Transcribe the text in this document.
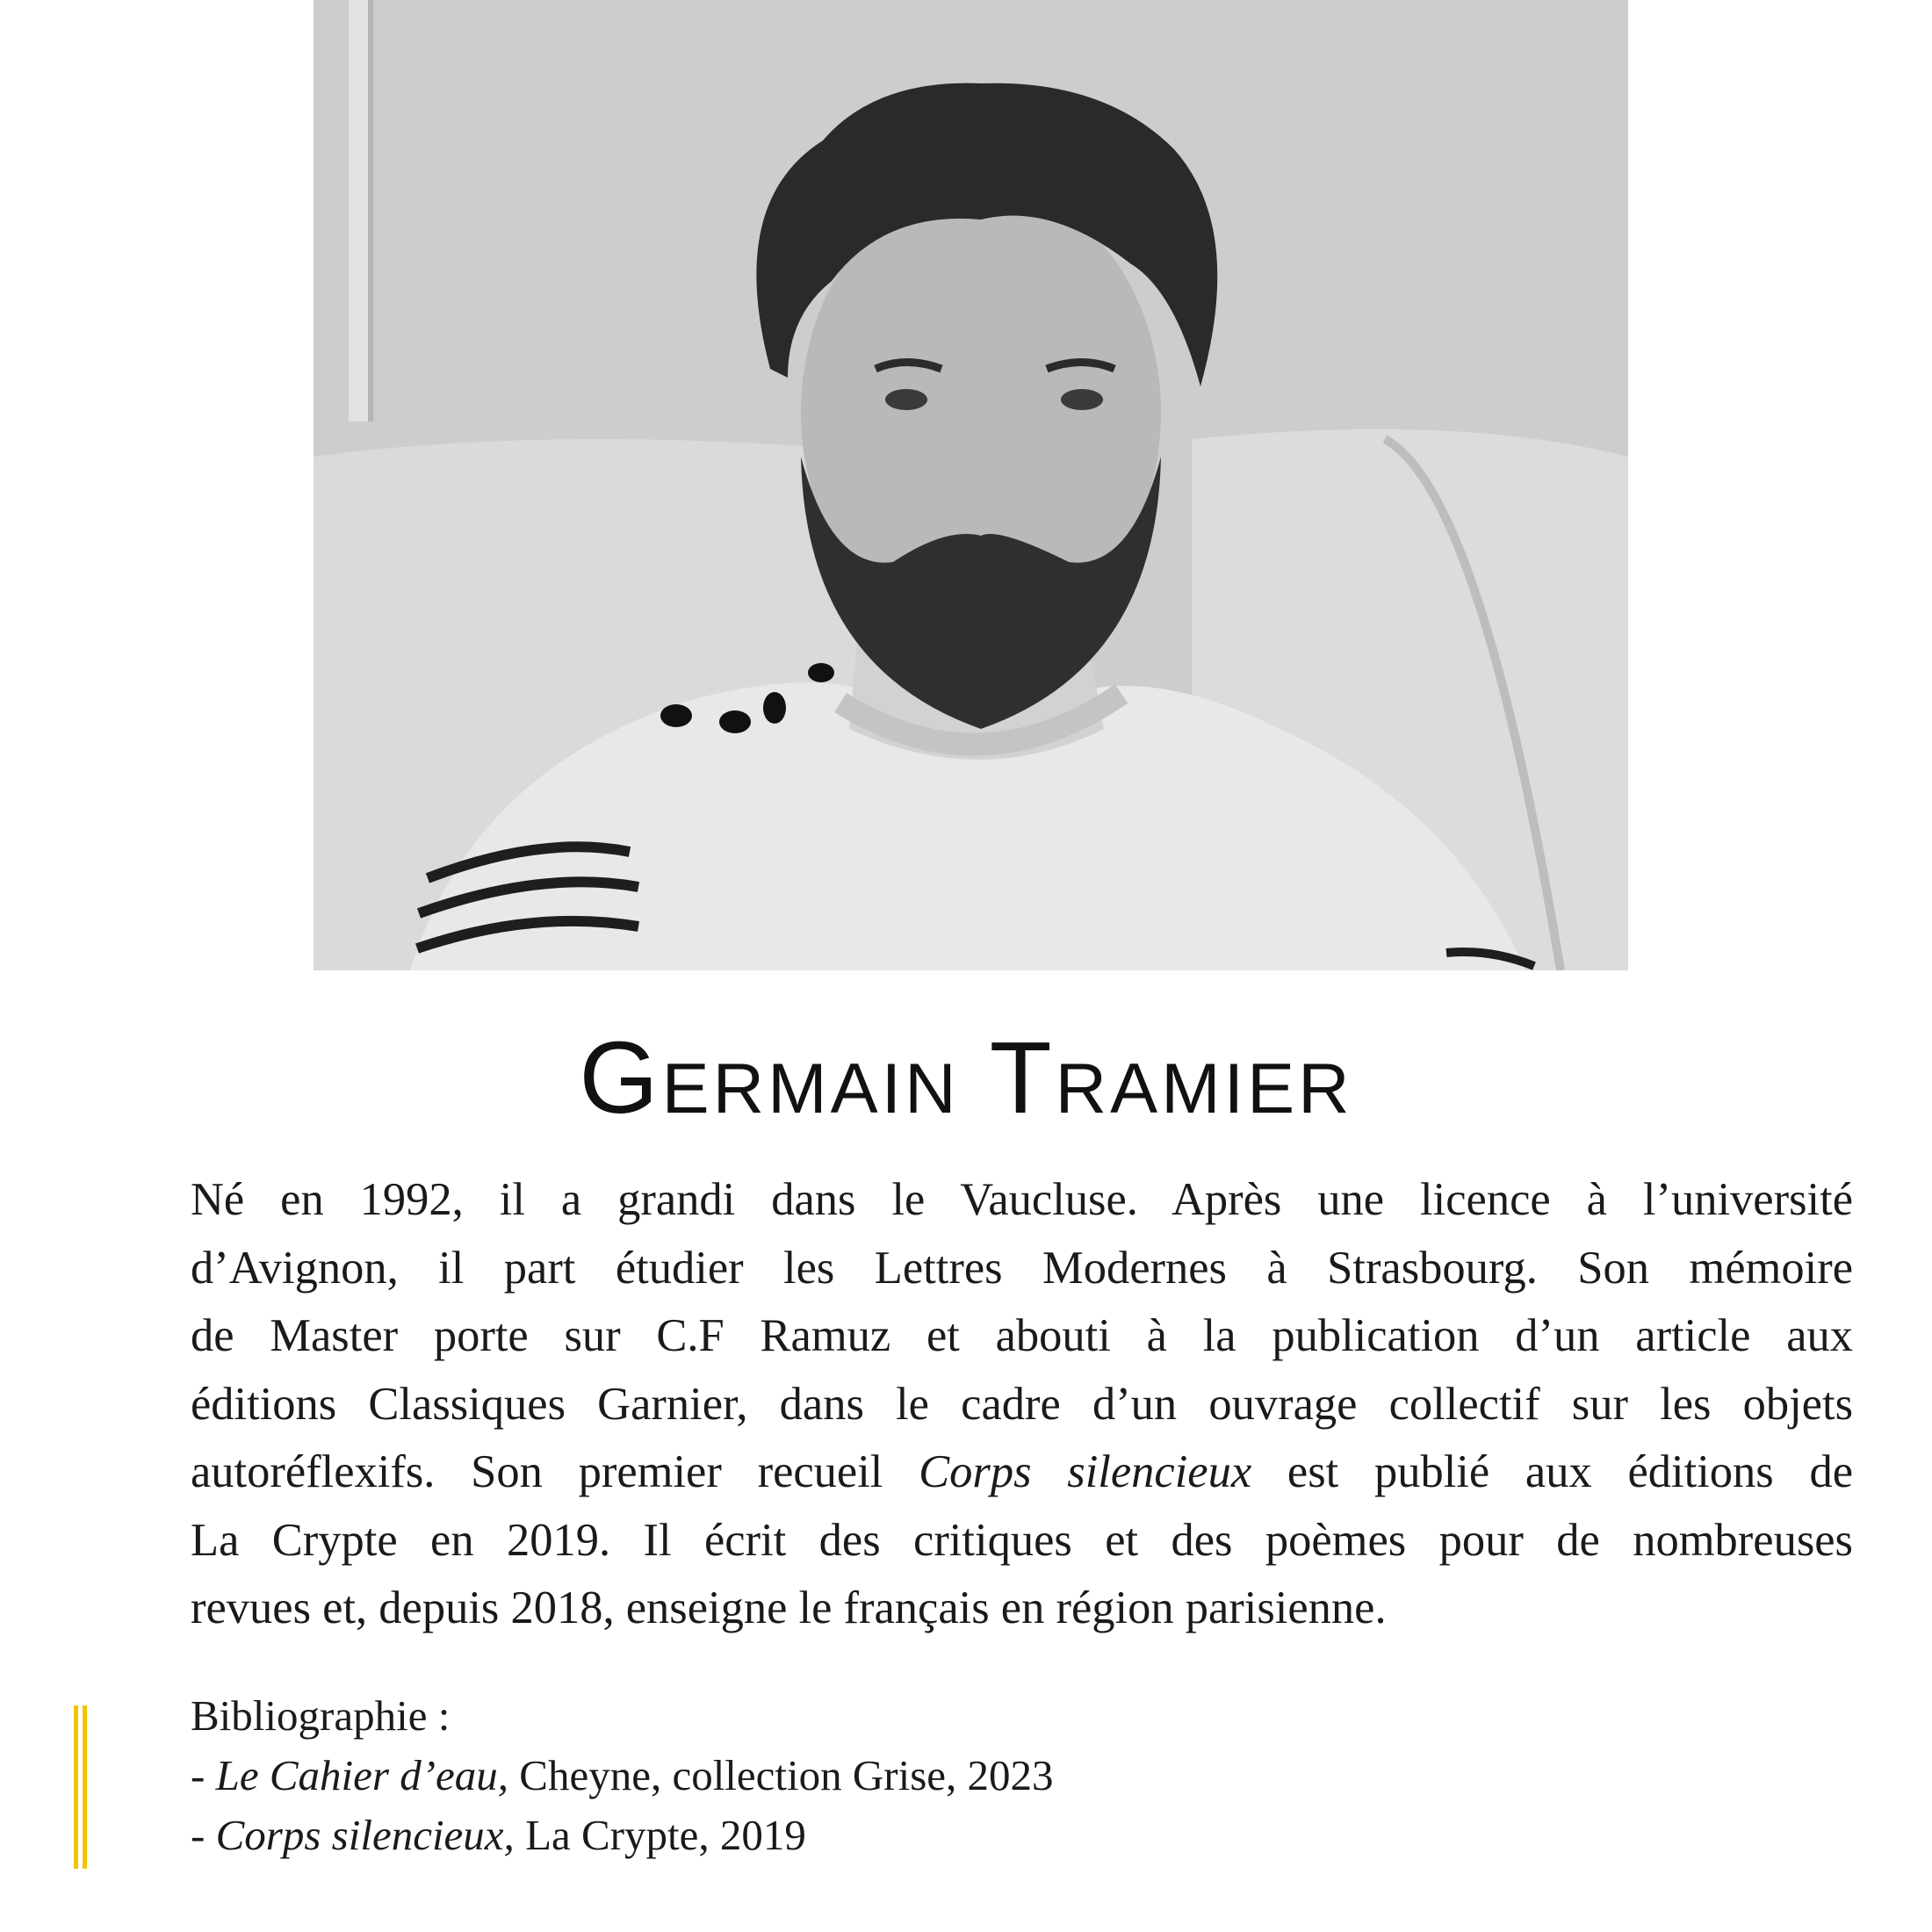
Germain Tramier
Né en 1992, il a grandi dans le Vaucluse. Après une licence à l’université
d’Avignon, il part étudier les Lettres Modernes à Strasbourg. Son mémoire
de Master porte sur C.F Ramuz et abouti à la publication d’un article aux
éditions Classiques Garnier, dans le cadre d’un ouvrage collectif sur les objets
autoréflexifs. Son premier recueil Corps silencieux est publié aux éditions de
La Crypte en 2019. Il écrit des critiques et des poèmes pour de nombreuses
revues et, depuis 2018, enseigne le français en région parisienne.
Bibliographie :
- Le Cahier d’eau, Cheyne, collection Grise, 2023
- Corps silencieux, La Crypte, 2019
